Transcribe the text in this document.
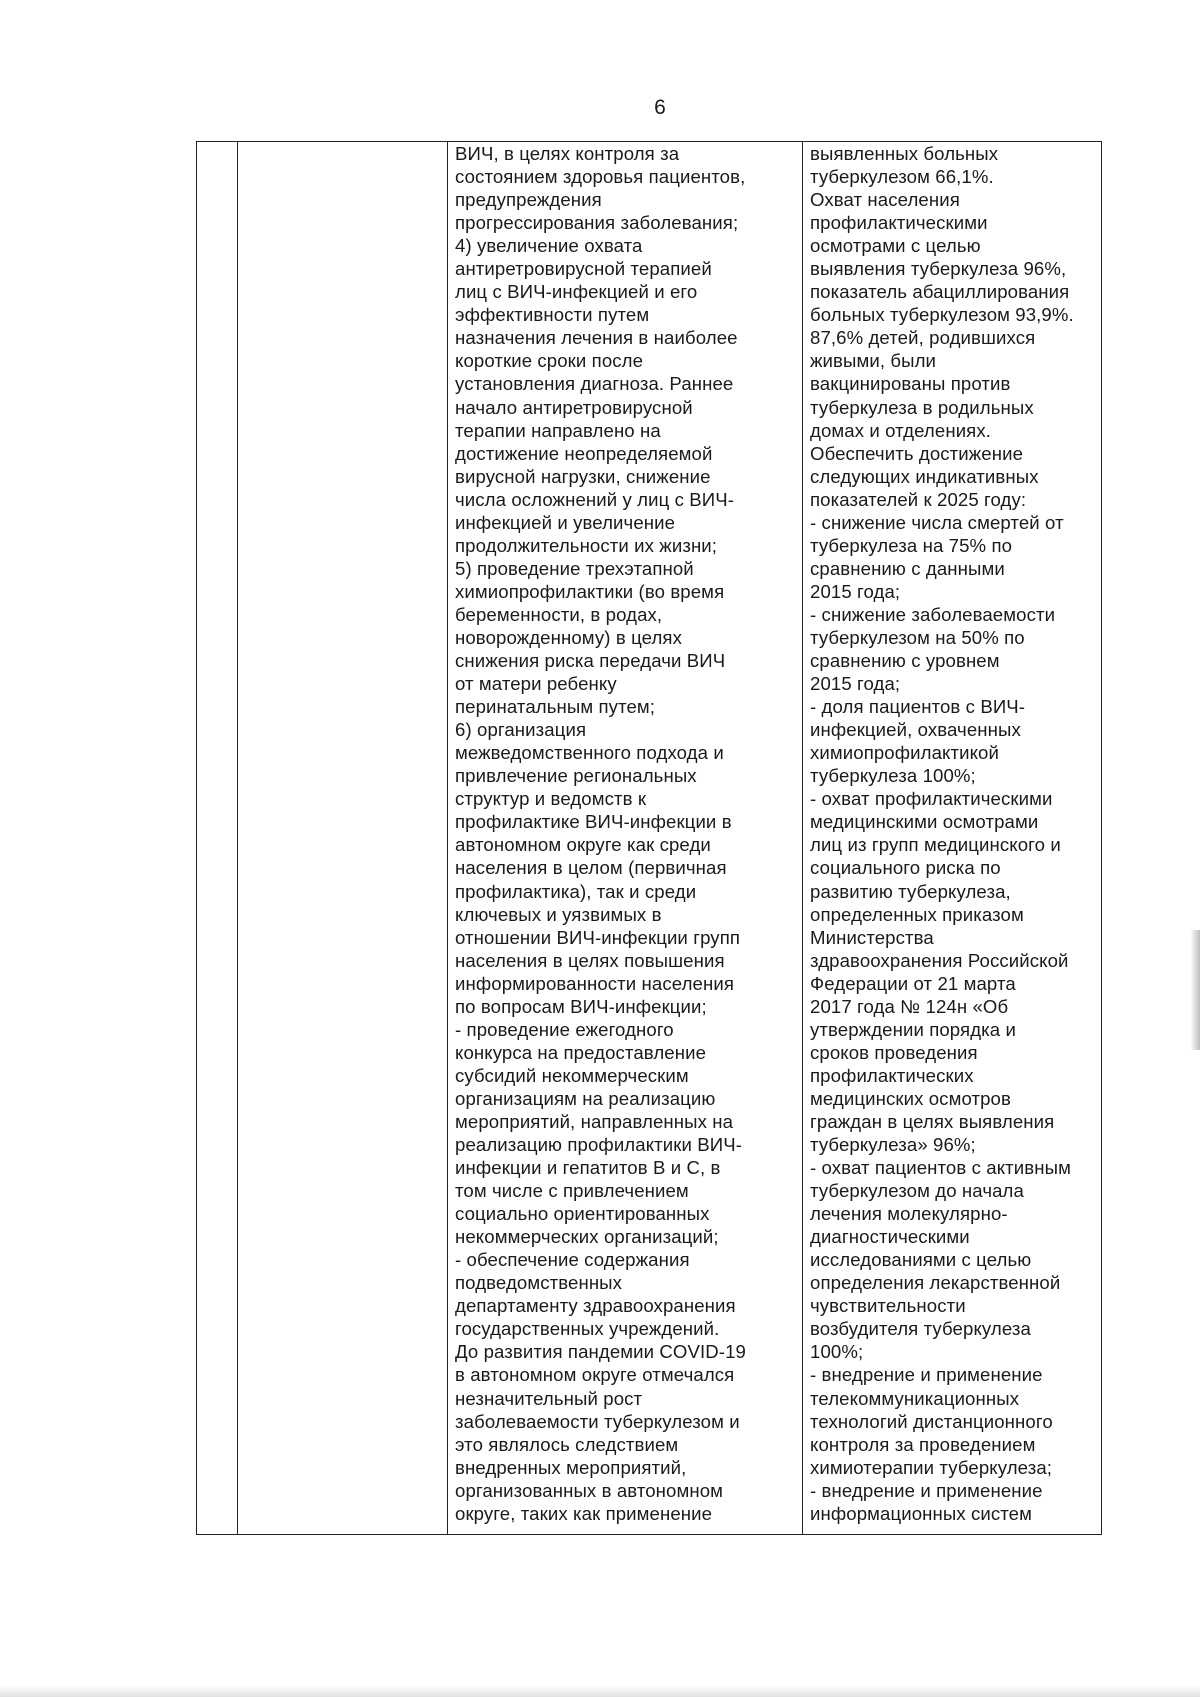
6
ВИЧ, в целях контроля за
состоянием здоровья пациентов,
предупреждения
прогрессирования заболевания;
4) увеличение охвата
антиретровирусной терапией
лиц с ВИЧ-инфекцией и его
эффективности путем
назначения лечения в наиболее
короткие сроки после
установления диагноза. Раннее
начало антиретровирусной
терапии направлено на
достижение неопределяемой
вирусной нагрузки, снижение
числа осложнений у лиц с ВИЧ-
инфекцией и увеличение
продолжительности их жизни;
5) проведение трехэтапной
химиопрофилактики (во время
беременности, в родах,
новорожденному) в целях
снижения риска передачи ВИЧ
от матери ребенку
перинатальным путем;
6) организация
межведомственного подхода и
привлечение региональных
структур и ведомств к
профилактике ВИЧ-инфекции в
автономном округе как среди
населения в целом (первичная
профилактика), так и среди
ключевых и уязвимых в
отношении ВИЧ-инфекции групп
населения в целях повышения
информированности населения
по вопросам ВИЧ-инфекции;
- проведение ежегодного
конкурса на предоставление
субсидий некоммерческим
организациям на реализацию
мероприятий, направленных на
реализацию профилактики ВИЧ-
инфекции и гепатитов В и С, в
том числе с привлечением
социально ориентированных
некоммерческих организаций;
- обеспечение содержания
подведомственных
департаменту здравоохранения
государственных учреждений.
До развития пандемии COVID-19
в автономном округе отмечался
незначительный рост
заболеваемости туберкулезом и
это являлось следствием
внедренных мероприятий,
организованных в автономном
округе, таких как применение
выявленных больных
туберкулезом 66,1%.
Охват населения
профилактическими
осмотрами с целью
выявления туберкулеза 96%,
показатель абациллирования
больных туберкулезом 93,9%.
87,6% детей, родившихся
живыми, были
вакцинированы против
туберкулеза в родильных
домах и отделениях.
Обеспечить достижение
следующих индикативных
показателей к 2025 году:
- снижение числа смертей от
туберкулеза на 75% по
сравнению с данными
2015 года;
- снижение заболеваемости
туберкулезом на 50% по
сравнению с уровнем
2015 года;
- доля пациентов с ВИЧ-
инфекцией, охваченных
химиопрофилактикой
туберкулеза 100%;
- охват профилактическими
медицинскими осмотрами
лиц из групп медицинского и
социального риска по
развитию туберкулеза,
определенных приказом
Министерства
здравоохранения Российской
Федерации от 21 марта
2017 года № 124н «Об
утверждении порядка и
сроков проведения
профилактических
медицинских осмотров
граждан в целях выявления
туберкулеза» 96%;
- охват пациентов с активным
туберкулезом до начала
лечения молекулярно-
диагностическими
исследованиями с целью
определения лекарственной
чувствительности
возбудителя туберкулеза
100%;
- внедрение и применение
телекоммуникационных
технологий дистанционного
контроля за проведением
химиотерапии туберкулеза;
- внедрение и применение
информационных систем
